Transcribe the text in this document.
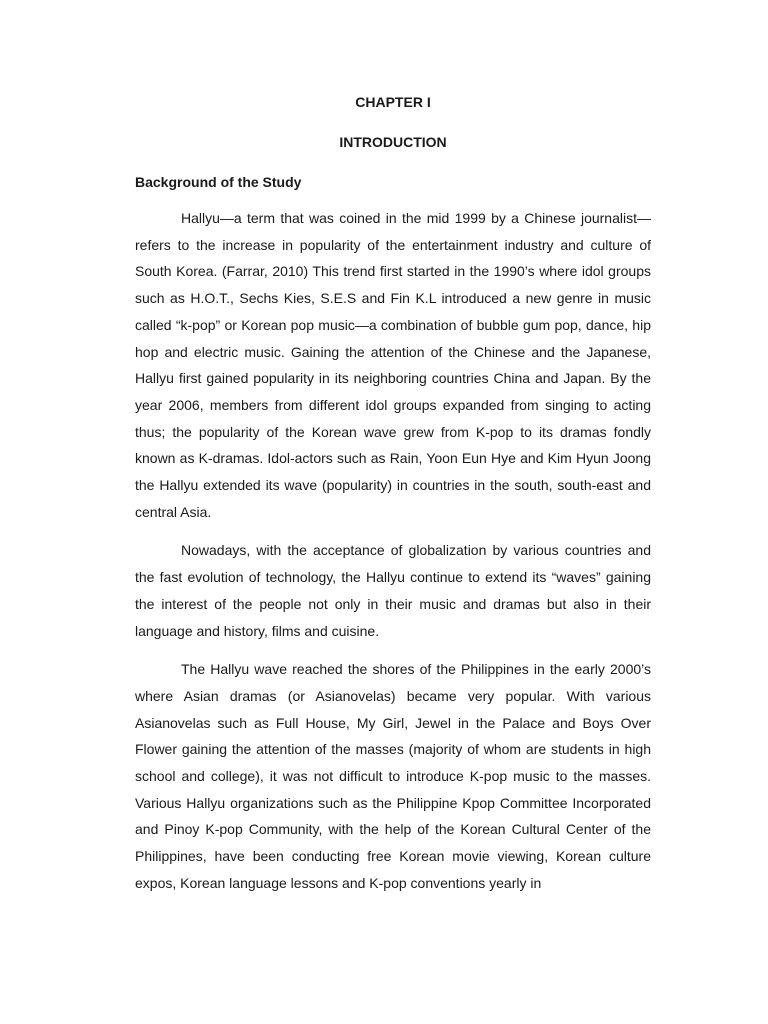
CHAPTER I

INTRODUCTION

Background of the Study

Hallyu—a term that was coined in the mid 1999 by a Chinese journalist—refers to the increase in popularity of the entertainment industry and culture of South Korea. (Farrar, 2010) This trend first started in the 1990’s where idol groups such as H.O.T., Sechs Kies, S.E.S and Fin K.L introduced a new genre in music called “k-pop” or Korean pop music—a combination of bubble gum pop, dance, hip hop and electric music. Gaining the attention of the Chinese and the Japanese, Hallyu first gained popularity in its neighboring countries China and Japan. By the year 2006, members from different idol groups expanded from singing to acting thus; the popularity of the Korean wave grew from K-pop to its dramas fondly known as K-dramas. Idol-actors such as Rain, Yoon Eun Hye and Kim Hyun Joong the Hallyu extended its wave (popularity) in countries in the south, south-east and central Asia.

Nowadays, with the acceptance of globalization by various countries and the fast evolution of technology, the Hallyu continue to extend its “waves” gaining the interest of the people not only in their music and dramas but also in their language and history, films and cuisine.

The Hallyu wave reached the shores of the Philippines in the early 2000’s where Asian dramas (or Asianovelas) became very popular. With various Asianovelas such as Full House, My Girl, Jewel in the Palace and Boys Over Flower gaining the attention of the masses (majority of whom are students in high school and college), it was not difficult to introduce K-pop music to the masses. Various Hallyu organizations such as the Philippine Kpop Committee Incorporated and Pinoy K-pop Community, with the help of the Korean Cultural Center of the Philippines, have been conducting free Korean movie viewing, Korean culture expos, Korean language lessons and K-pop conventions yearly in
